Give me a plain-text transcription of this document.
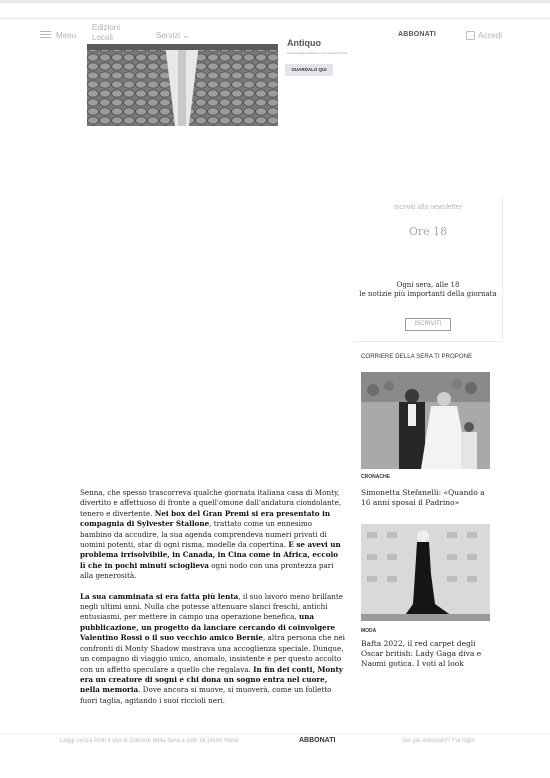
Menu
Edizioni Locali	Servizi ⌄	ABBONATI	Accedi
Antiquo
la bontà della tradizione in un vasetto di frutta
GUARDALO QUI
Iscriviti alla newsletter
Ore 18
Ogni sera, alle 18
le notizie più importanti della giornata
ISCRIVITI
CORRIERE DELLA SERA TI PROPONE
CRONACHE
Simonetta Stefanelli: «Quando a 16 anni sposai il Padrino»
MODA
Bafta 2022, il red carpet degli Oscar british: Lady Gaga diva e Naomi gotica. I voti al look

Senna, che spesso trascorreva qualche giornata italiana casa di Monty, divertito e affettuoso di fronte a quell'omone dall'andatura ciondolante, tenero e divertente. Nei box del Gran Premi si era presentato in compagnia di Sylvester Stallone, trattato come un ennesimo bambino da accudire, la sua agenda comprendeva numeri privati di uomini potenti, star di ogni risma, modelle da copertina. E se avevi un problema irrisolvibile, in Canada, in Cina come in Africa, eccolo lì che in pochi minuti scioglieva ogni nodo con una prontezza pari alla generosità.

La sua camminata si era fatta più lenta, il suo lavoro meno brillante negli ultimi anni. Nulla che potesse attenuare slanci freschi, antichi entusiasmi, per mettere in campo una operazione benefica, una pubblicazione, un progetto da lanciare cercando di coinvolgere Valentino Rossi o il suo vecchio amico Bernie, altra persona che nei confronti di Monty Shadow mostrava una accoglienza speciale. Dunque, un compagno di viaggio unico, anomalo, insistente e per questo accolto con un affetto speculare a quello che regalava. In fin dei conti, Monty era un creatore di sogni e chi dona un sogno entra nel cuore, nella memoria. Dove ancora si muove, si muoverà, come un folletto fuori taglia, agitando i suoi riccioli neri.

Leggi senza limiti il sito di Corriere della Sera a solo 1€ primo mese	ABBONATI	Sei già abbonato? Fai login
